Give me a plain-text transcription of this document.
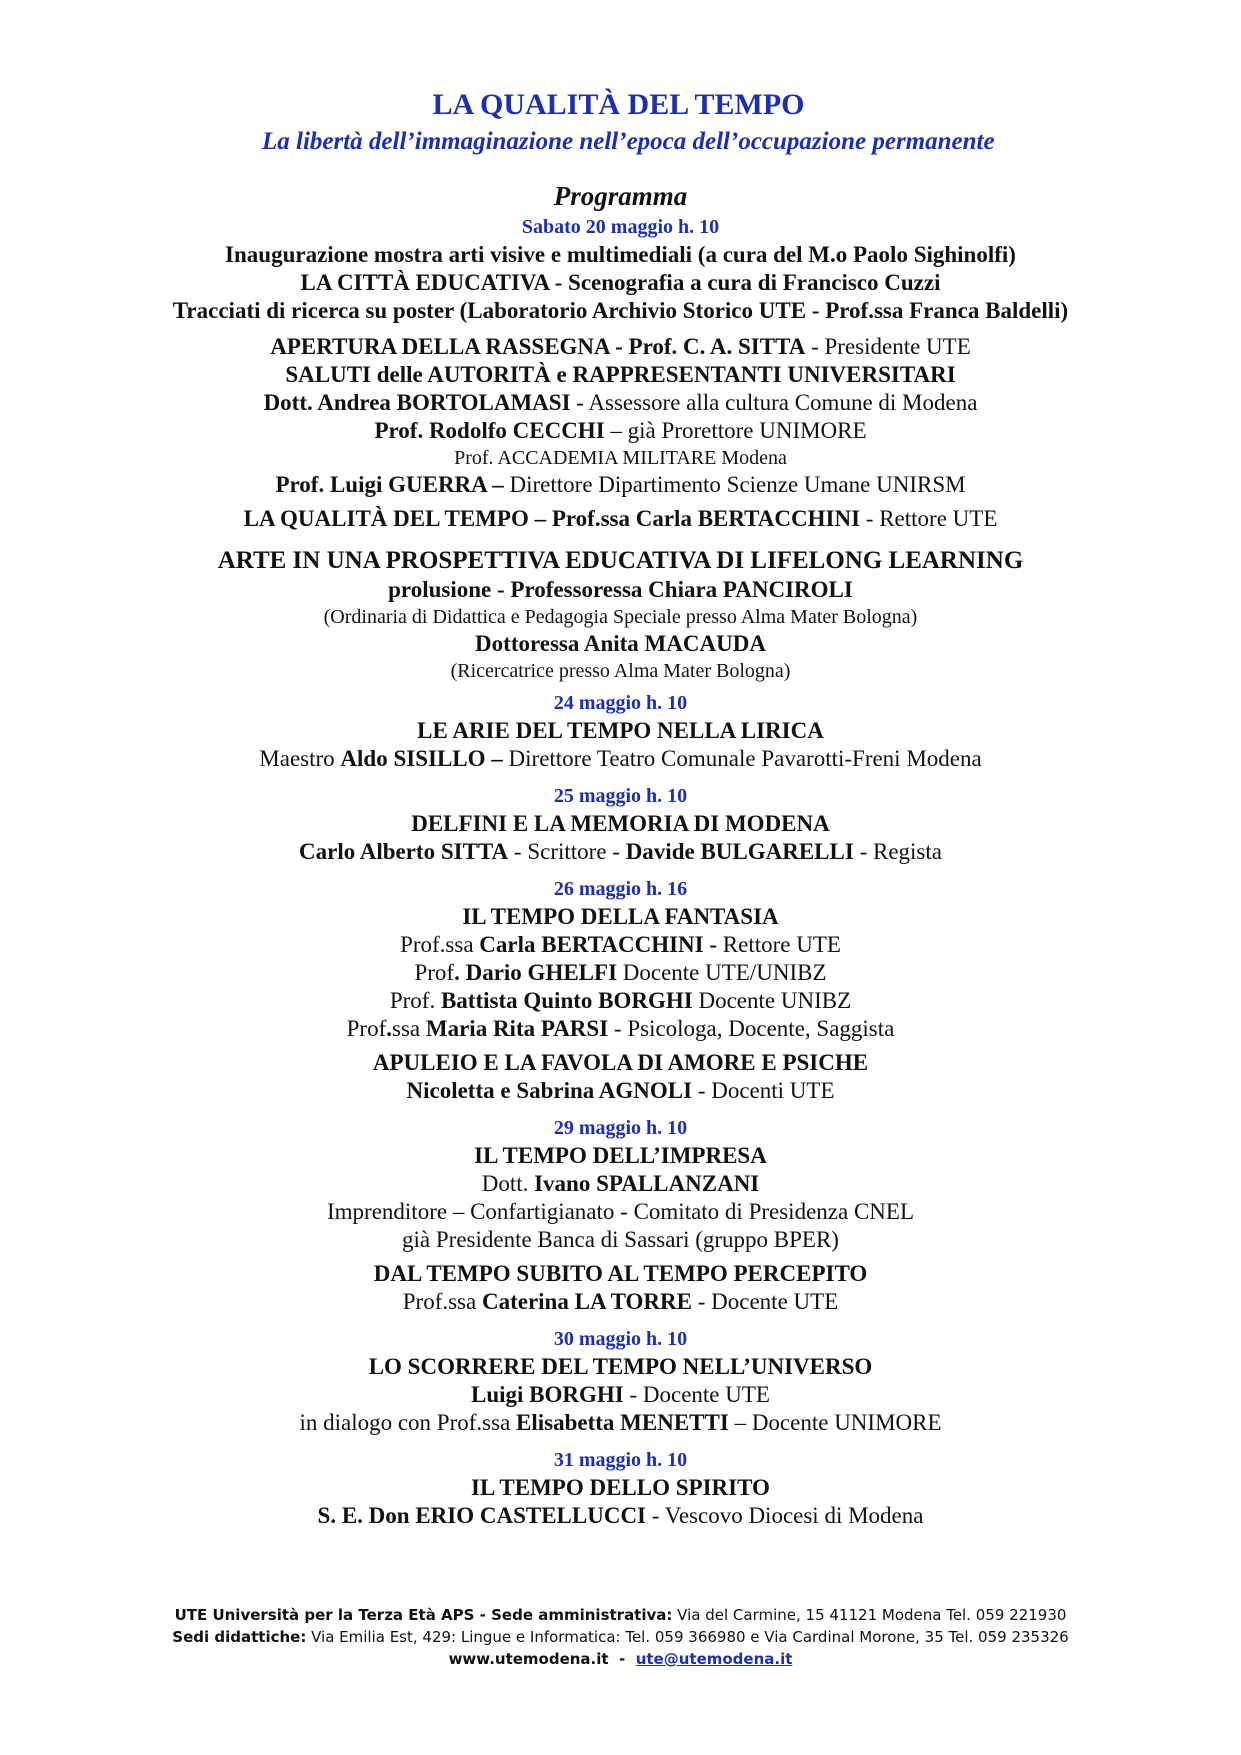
LA QUALITÀ DEL TEMPO
La libertà dell’immaginazione nell’epoca dell’occupazione permanente
Programma
Sabato 20 maggio h. 10
Inaugurazione mostra arti visive e multimediali (a cura del M.o Paolo Sighinolfi)
LA CITTÀ EDUCATIVA - Scenografia a cura di Francisco Cuzzi
Tracciati di ricerca su poster (Laboratorio Archivio Storico UTE - Prof.ssa Franca Baldelli)
APERTURA DELLA RASSEGNA - Prof. C. A. SITTA - Presidente UTE
SALUTI delle AUTORITÀ e RAPPRESENTANTI UNIVERSITARI
Dott. Andrea BORTOLAMASI - Assessore alla cultura Comune di Modena
Prof. Rodolfo CECCHI – già Prorettore UNIMORE
Prof. ACCADEMIA MILITARE Modena
Prof. Luigi GUERRA – Direttore Dipartimento Scienze Umane UNIRSM
LA QUALITÀ DEL TEMPO – Prof.ssa Carla BERTACCHINI - Rettore UTE
ARTE IN UNA PROSPETTIVA EDUCATIVA DI LIFELONG LEARNING
prolusione - Professoressa Chiara PANCIROLI
(Ordinaria di Didattica e Pedagogia Speciale presso Alma Mater Bologna)
Dottoressa Anita MACAUDA
(Ricercatrice presso Alma Mater Bologna)
24 maggio h. 10
LE ARIE DEL TEMPO NELLA LIRICA
Maestro Aldo SISILLO – Direttore Teatro Comunale Pavarotti-Freni Modena
25 maggio h. 10
DELFINI E LA MEMORIA DI MODENA
Carlo Alberto SITTA - Scrittore - Davide BULGARELLI - Regista
26 maggio h. 16
IL TEMPO DELLA FANTASIA
Prof.ssa Carla BERTACCHINI - Rettore UTE
Prof. Dario GHELFI Docente UTE/UNIBZ
Prof. Battista Quinto BORGHI Docente UNIBZ
Prof.ssa Maria Rita PARSI - Psicologa, Docente, Saggista
APULEIO E LA FAVOLA DI AMORE E PSICHE
Nicoletta e Sabrina AGNOLI - Docenti UTE
29 maggio h. 10
IL TEMPO DELL’IMPRESA
Dott. Ivano SPALLANZANI
Imprenditore – Confartigianato - Comitato di Presidenza CNEL
già Presidente Banca di Sassari (gruppo BPER)
DAL TEMPO SUBITO AL TEMPO PERCEPITO
Prof.ssa Caterina LA TORRE - Docente UTE
30 maggio h. 10
LO SCORRERE DEL TEMPO NELL’UNIVERSO
Luigi BORGHI - Docente UTE
in dialogo con Prof.ssa Elisabetta MENETTI – Docente UNIMORE
31 maggio h. 10
IL TEMPO DELLO SPIRITO
S. E. Don ERIO CASTELLUCCI - Vescovo Diocesi di Modena
UTE Università per la Terza Età APS - Sede amministrativa: Via del Carmine, 15 41121 Modena Tel. 059 221930
Sedi didattiche: Via Emilia Est, 429: Lingue e Informatica: Tel. 059 366980 e Via Cardinal Morone, 35 Tel. 059 235326
www.utemodena.it  -  ute@utemodena.it
